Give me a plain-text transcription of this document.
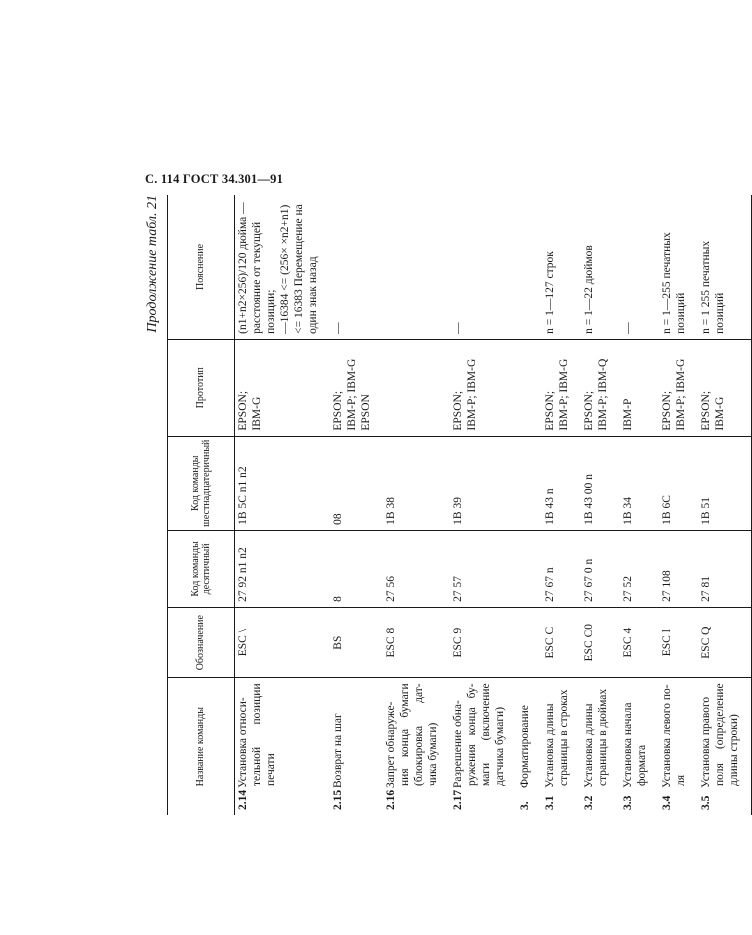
С. 114 ГОСТ 34.301—91
Продолжение табл. 21
Название команды	Обозначение	Код команды десятичный	Код команды шестнадцатеричный	Прототип	Пояснение

2.14Установка относи- тельной позиции печати	ESC \	27 92 n1 n2	1B 5C n1 n2	EPSON;
IBM-G	(n1+n2×256)/120 дюйма — расстояние от текущей позиции;
—16384 <= (256× ×n2+n1) <= 16383 Перемещение на один знак назад

2.15Возврат на шаг	BS	8	08	EPSON;
IBM-P; IBM-G
EPSON	—

2.16Запрет обнаруже- ния конца бумаги (блокировка дат- чика бумаги)	ESC 8	27 56	1B 38		

2.17Разрешение обна- ружения конца бу- маги (включение датчика бумаги)	ESC 9	27 57	1B 39	EPSON;
IBM-P; IBM-G	—

3.Форматирование					

3.1Установка длины страницы в строках	ESC C	27 67 n	1B 43 n	EPSON;
IBM-P; IBM-G	n = 1—127 строк

3.2Установка длины страницы в дюймах	ESC C0	27 67 0 n	1B 43 00 n	EPSON;
IBM-P; IBM-Q	n = 1—22 дюймов

3.3Установка начала формата	ESC 4	27 52	1B 34	IBM-P	—

3.4Установка левого по- ля	ESC l	27 108	1B 6C	EPSON;
IBM-P; IBM-G	n = 1—255 печатных позиций

3.5Установка правого поля (определение длины строки)	ESC Q	27 81	1B 51	EPSON;
IBM-G	n = 1 255 печатных позиций
